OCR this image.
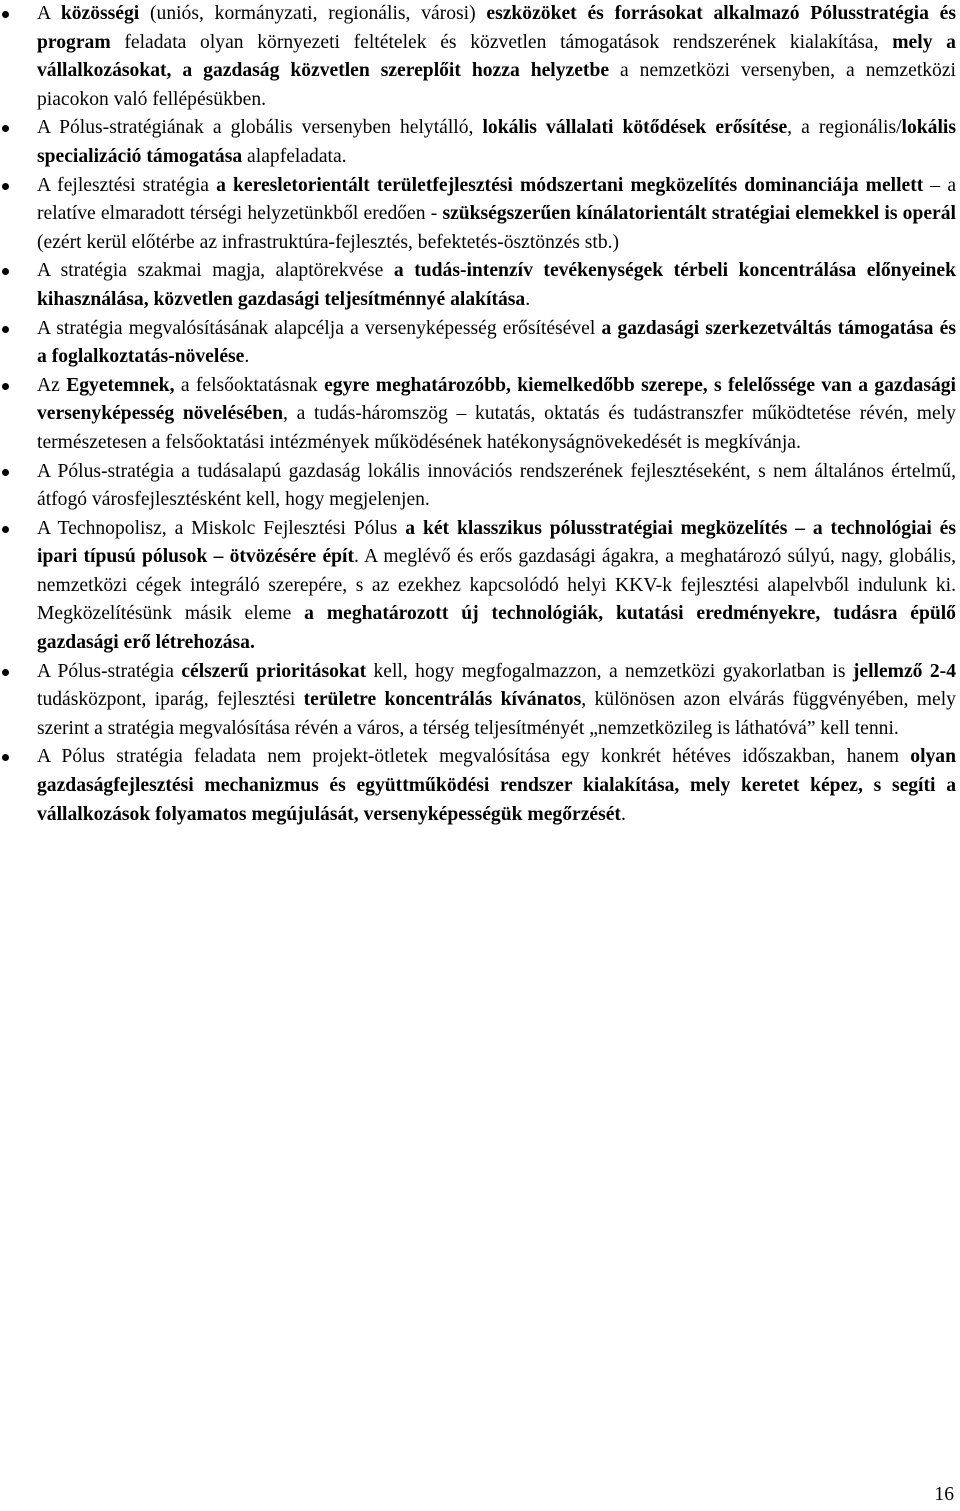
A közösségi (uniós, kormányzati, regionális, városi) eszközöket és forrásokat alkalmazó Pólusstratégia és program feladata olyan környezeti feltételek és közvetlen támogatások rendszerének kialakítása, mely a vállalkozásokat, a gazdaság közvetlen szereplőit hozza helyzetbe a nemzetközi versenyben, a nemzetközi piacokon való fellépésükben.
A Pólus-stratégiának a globális versenyben helytálló, lokális vállalati kötődések erősítése, a regionális/lokális specializáció támogatása alapfeladata.
A fejlesztési stratégia a keresletorientált területfejlesztési módszertani megközelítés dominanciája mellett – a relatíve elmaradott térségi helyzetünkből eredően - szükségszerűen kínálatorientált stratégiai elemekkel is operál (ezért kerül előtérbe az infrastruktúra-fejlesztés, befektetés-ösztönzés stb.)
A stratégia szakmai magja, alaptörekvése a tudás-intenzív tevékenységek térbeli koncentrálása előnyeinek kihasználása, közvetlen gazdasági teljesítménnyé alakítása.
A stratégia megvalósításának alapcélja a versenyképesség erősítésével a gazdasági szerkezetváltás támogatása és a foglalkoztatás-növelése.
Az Egyetemnek, a felsőoktatásnak egyre meghatározóbb, kiemelkedőbb szerepe, s felelőssége van a gazdasági versenyképesség növelésében, a tudás-háromszög – kutatás, oktatás és tudástranszfer működtetése révén, mely természetesen a felsőoktatási intézmények működésének hatékonyságnövekedését is megkívánja.
A Pólus-stratégia a tudásalapú gazdaság lokális innovációs rendszerének fejlesztéseként, s nem általános értelmű, átfogó városfejlesztésként kell, hogy megjelenjen.
A Technopolisz, a Miskolc Fejlesztési Pólus a két klasszikus pólusstratégiai megközelítés – a technológiai és ipari típusú pólusok – ötvözésére épít. A meglévő és erős gazdasági ágakra, a meghatározó súlyú, nagy, globális, nemzetközi cégek integráló szerepére, s az ezekhez kapcsolódó helyi KKV-k fejlesztési alapelvből indulunk ki. Megközelítésünk másik eleme a meghatározott új technológiák, kutatási eredményekre, tudásra épülő gazdasági erő létrehozása.
A Pólus-stratégia célszerű prioritásokat kell, hogy megfogalmazzon, a nemzetközi gyakorlatban is jellemző 2-4 tudásközpont, iparág, fejlesztési területre koncentrálás kívánatos, különösen azon elvárás függvényében, mely szerint a stratégia megvalósítása révén a város, a térség teljesítményét „nemzetközileg is láthatóvá” kell tenni.
A Pólus stratégia feladata nem projekt-ötletek megvalósítása egy konkrét hétéves időszakban, hanem olyan gazdaságfejlesztési mechanizmus és együttműködési rendszer kialakítása, mely keretet képez, s segíti a vállalkozások folyamatos megújulását, versenyképességük megőrzését.
16
